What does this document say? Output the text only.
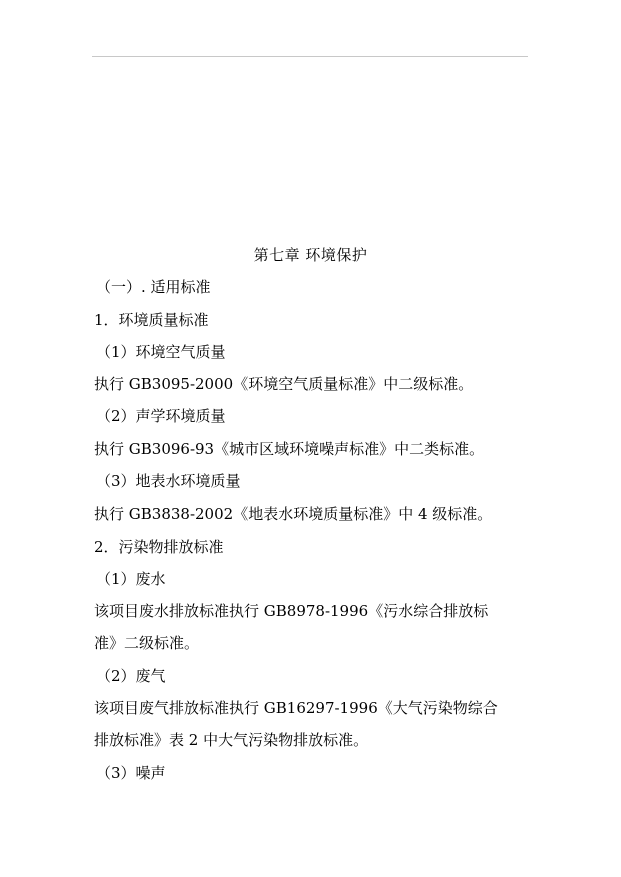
第七章 环境保护
（一）. 适用标准
1．环境质量标准
（1）环境空气质量
执行 GB3095-2000《环境空气质量标准》中二级标准。
（2）声学环境质量
执行 GB3096-93《城市区域环境噪声标准》中二类标准。
（3）地表水环境质量
执行 GB3838-2002《地表水环境质量标准》中 4 级标准。
2．污染物排放标准
（1）废水
该项目废水排放标准执行 GB8978-1996《污水综合排放标
准》二级标准。
（2）废气
该项目废气排放标准执行 GB16297-1996《大气污染物综合
排放标准》表 2 中大气污染物排放标准。
（3）噪声
